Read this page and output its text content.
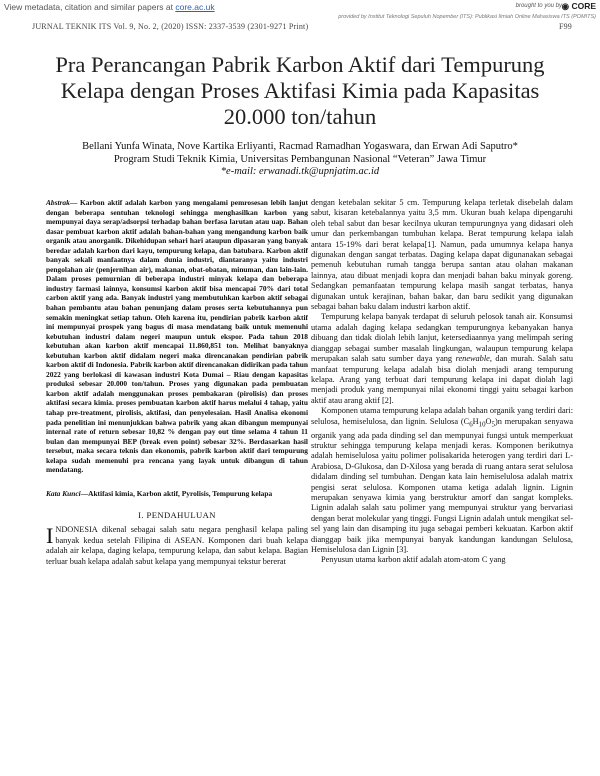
View metadata, citation and similar papers at core.ac.uk	brought to you by ◉ CORE
provided by Institut Teknologi Sepuluh Nopember (ITS): Publikasi Ilmiah Online Mahasiswa ITS (POMITS)
JURNAL TEKNIK ITS Vol. 9, No. 2, (2020) ISSN: 2337-3539 (2301-9271 Print)	F99
Pra Perancangan Pabrik Karbon Aktif dari Tempurung Kelapa dengan Proses Aktifasi Kimia pada Kapasitas 20.000 ton/tahun
Bellani Yunfa Winata, Nove Kartika Erliyanti, Racmad Ramadhan Yogaswara, dan Erwan Adi Saputro*
Program Studi Teknik Kimia, Universitas Pembangunan Nasional “Veteran” Jawa Timur
*e-mail: erwanadi.tk@upnjatim.ac.id

Abstrak— Karbon aktif adalah karbon yang mengalami pemrosesan lebih lanjut dengan beberapa sentuhan teknologi sehingga menghasilkan karbon yang mempunyai daya serap/adsorpsi terhadap bahan berfasa larutan atau uap. Bahan dasar pembuat karbon aktif adalah bahan-bahan yang mengandung karbon baik organik atau anorganik. Dikehidupan sehari hari ataupun dipasaran yang banyak beredar adalah karbon dari kayu, tempurung kelapa, dan batubara. Karbon aktif banyak sekali manfaatnya dalam dunia industri, diantaranya yaitu industri pengolahan air (penjernihan air), makanan, obat-obatan, minuman, dan lain-lain. Dalam proses pemurnian di beberapa industri minyak kelapa dan beberapa industry farmasi lainnya, konsumsi karbon aktif bisa mencapai 70% dari total carbon aktif yang ada. Banyak industri yang membutuhkan karbon aktif sebagai bahan pembantu atau bahan penunjang dalam proses serta kebutuhannya pun semakin meningkat setiap tahun. Oleh karena itu, pendirian pabrik karbon aktif ini mempunyai prospek yang bagus di masa mendatang baik untuk memenuhi kebutuhan industri dalam negeri maupun untuk ekspor. Pada tahun 2018 kebutuhan akan karbon aktif mencapai 11.860,851 ton. Melihat banyaknya kebutuhan karbon aktif didalam negeri maka direncanakan pendirian pabrik karbon aktif di Indonesia. Pabrik karbon aktif direncanakan didirikan pada tahun 2022 yang berlokasi di kawasan industri Kota Dumai – Riau dengan kapasitas produksi sebesar 20.000 ton/tahun. Proses yang digunakan pada pembuatan karbon aktif adalah menggunakan proses pembakaran (pirolisis) dan proses aktifasi secara kimia. proses pembuatan karbon aktif harus melalui 4 tahap, yaitu tahap pre-treatment, pirolisis, aktifasi, dan penyelesaian. Hasil Analisa ekonomi pada penelitian ini menunjukkan bahwa pabrik yang akan dibangun mempunyai internal rate of return sebesar 10,82 % dengan pay out time selama 4 tahun 11 bulan dan mempunyai BEP (break even point) sebesar 32%. Berdasarkan hasil tersebut, maka secara teknis dan ekonomis, pabrik karbon aktif dari tempurung kelapa sudah memenuhi pra rencana yang layak untuk dibangun di tahun mendatang.

Kata Kunci—Aktifasi kimia, Karbon aktif, Pyrolisis, Tempurung kelapa

I. PENDAHULUAN

INDONESIA dikenal sebagai salah satu negara penghasil kelapa paling banyak kedua setelah Filipina di ASEAN. Komponen dari buah kelapa adalah air kelapa, daging kelapa, tempurung kelapa, dan sabut kelapa. Bagian terluar buah kelapa adalah sabut kelapa yang mempunyai tekstur bererat

dengan ketebalan sekitar 5 cm. Tempurung kelapa terletak disebelah dalam sabut, kisaran ketebalannya yaitu 3,5 mm. Ukuran buah kelapa dipengaruhi oleh tebal sabut dan besar kecilnya ukuran tempurungnya yang didasari oleh umur dan perkembangan tumbuhan kelapa. Berat tempurung kelapa ialah antara 15-19% dari berat kelapa[1]. Namun, pada umumnya kelapa hanya digunakan dengan sangat terbatas. Daging kelapa dapat digunanakan sebagai pemenuh kebutuhan rumah tangga berupa santan atau olahan makanan lainnya, atau dibuat menjadi kopra dan menjadi bahan baku minyak goreng. Sedangkan pemanfaatan tempurung kelapa masih sangat terbatas, hanya digunakan untuk kerajinan, bahan bakar, dan baru sedikit yang digunakan sebagai bahan baku dalam industri karbon aktif.

Tempurung kelapa banyak terdapat di seluruh pelosok tanah air. Konsumsi utama adalah daging kelapa sedangkan tempurungnya kebanyakan hanya dibuang dan tidak diolah lebih lanjut, ketersediaannya yang melimpah sering dianggap sebagai sumber masalah lingkungan, walaupun tempurung kelapa merupakan salah satu sumber daya yang renewable, dan murah. Salah satu manfaat tempurung kelapa adalah bisa diolah menjadi arang tempurung kelapa. Arang yang terbuat dari tempurung kelapa ini dapat diolah lagi menjadi produk yang mempunyai nilai ekonomi tinggi yaitu sebagai karbon aktif atau arang aktif [2].

Komponen utama tempurung kelapa adalah bahan organik yang terdiri dari: selulosa, hemiselulosa, dan lignin. Selulosa $(C_6H_{10}O_5)n$ merupakan senyawa organik yang ada pada dinding sel dan mempunyai fungsi untuk memperkuat struktur sehingga tempurung kelapa menjadi keras. Komponen berikutnya adalah hemiselulosa yaitu polimer polisakarida heterogen yang terdiri dari L-Arabiosa, D-Glukosa, dan D-Xilosa yang berada di ruang antara serat selulosa didalam dinding sel tumbuhan. Dengan kata lain hemiselulosa adalah matrix pengisi serat selulosa. Komponen utama ketiga adalah lignin. Lignin merupakan senyawa kimia yang berstruktur amorf dan sangat kompleks. Lignin adalah salah satu polimer yang mempunyai struktur yang bervariasi dengan berat molekular yang tinggi. Fungsi Lignin adalah untuk mengikat sel-sel yang lain dan disamping itu juga sebagai pemberi kekuatan. Karbon aktif dianggap baik jika mempunyai banyak kandungan kandungan Selulosa, Hemiselulosa dan Lignin [3].

Penyusun utama karbon aktif adalah atom-atom C yang
